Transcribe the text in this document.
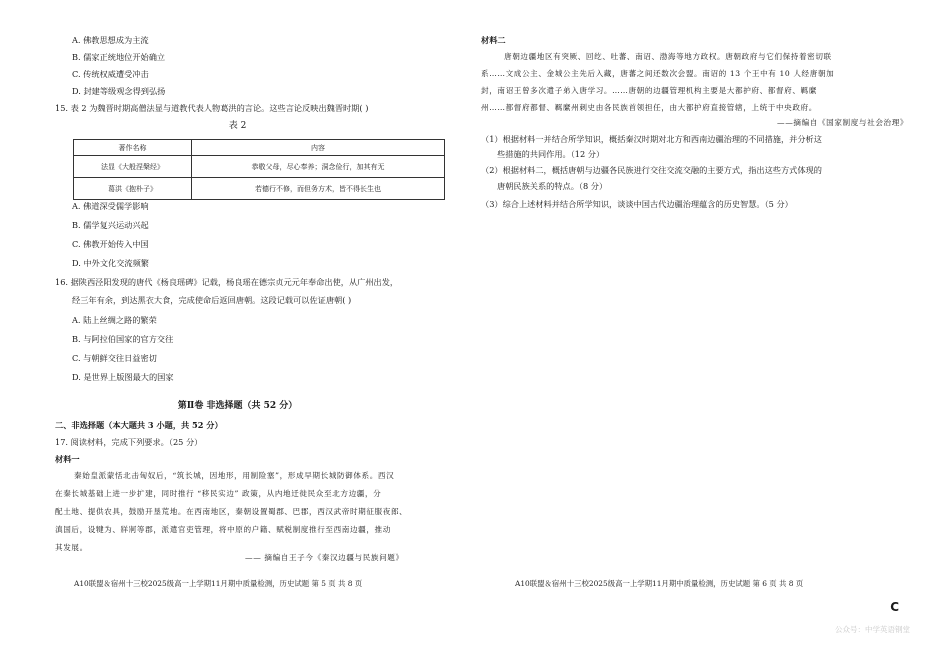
A. 佛教思想成为主流
B. 儒家正统地位开始确立
C. 传统权威遭受冲击
D. 封建等级观念得到弘扬
15. 表 2 为魏晋时期高僧法显与道教代表人物葛洪的言论。这些言论反映出魏晋时期( )
表 2
著作名称	内容
法显《大般涅槃经》	恭敬父母，尽心奉养；洞念俭行，加其有无
葛洪《抱朴子》	若德行不修，而但务方术，皆不得长生也
A. 佛道深受儒学影响
B. 儒学复兴运动兴起
C. 佛教开始传入中国
D. 中外文化交流频繁
16. 据陕西泾阳发现的唐代《杨良瑶碑》记载，杨良瑶在德宗贞元元年奉命出使，从广州出发，
经三年有余，到达黑衣大食，完成使命后返回唐朝。这段记载可以佐证唐朝( )
A. 陆上丝绸之路的繁荣
B. 与阿拉伯国家的官方交往
C. 与朝鲜交往日益密切
D. 是世界上版图最大的国家
第Ⅱ卷 非选择题（共 52 分）
二、非选择题（本大题共 3 小题，共 52 分）
17. 阅读材料，完成下列要求。（25 分）
材料一
秦始皇派蒙恬北击匈奴后，“筑长城，因地形，用制险塞”，形成早期长城防御体系。西汉
在秦长城基础上进一步扩建，同时推行 “移民实边” 政策，从内地迁徙民众至北方边疆，分
配土地、提供农具，鼓励开垦荒地。在西南地区，秦朝设置蜀郡、巴郡，西汉武帝时期征服夜郎、
滇国后，设犍为、牂牁等郡，派遣官吏管理，将中原的户籍、赋税制度推行至西南边疆，推动
其发展。
—— 摘编自王子今《秦汉边疆与民族问题》
A10联盟＆宿州十三校2025级高一上学期11月期中质量检测，历史试题 第 5 页 共 8 页
材料二
唐朝边疆地区有突厥、回纥、吐蕃、南诏、渤海等地方政权。唐朝政府与它们保持着密切联
系……文成公主、金城公主先后入藏，唐蕃之间还数次会盟。南诏的 13 个王中有 10 人经唐朝加
封，南诏王曾多次遣子弟入唐学习。……唐朝的边疆管理机构主要是大都护府、都督府、羁縻
州……都督府都督、羁縻州刺史由各民族首领担任，由大都护府直接管辖，上统于中央政府。
——摘编自《国家制度与社会治理》
（1）根据材料一并结合所学知识，概括秦汉时期对北方和西南边疆治理的不同措施，并分析这
些措施的共同作用。（12 分）
（2）根据材料二，概括唐朝与边疆各民族进行交往交流交融的主要方式，指出这些方式体现的
唐朝民族关系的特点。（8 分）
（3）综合上述材料并结合所学知识，谈谈中国古代边疆治理蕴含的历史智慧。（5 分）
A10联盟＆宿州十三校2025级高一上学期11月期中质量检测，历史试题 第 6 页 共 8 页
C
公众号：中学英语钢堂
